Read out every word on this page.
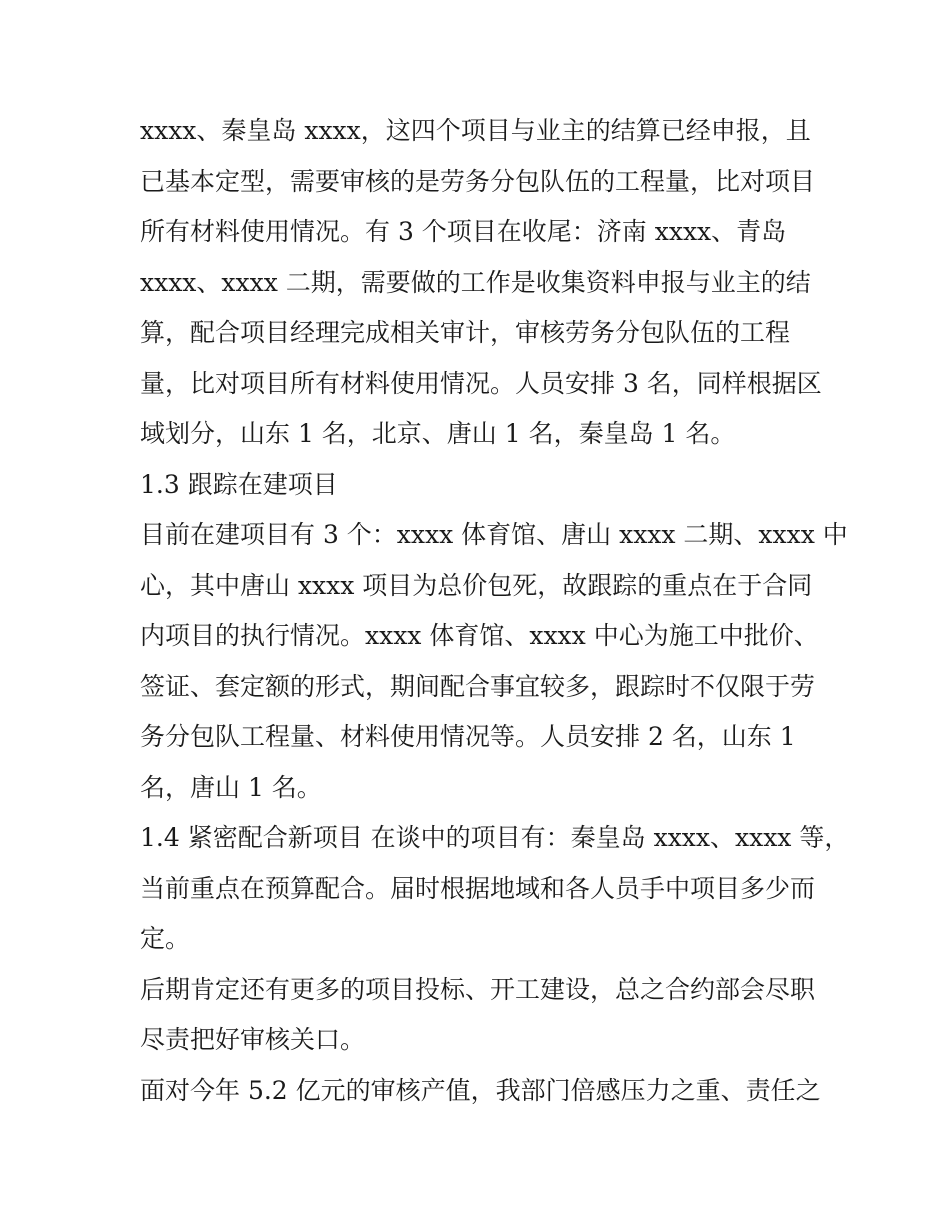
xxxx、秦皇岛 xxxx，这四个项目与业主的结算已经申报，且
已基本定型，需要审核的是劳务分包队伍的工程量，比对项目
所有材料使用情况。有 3 个项目在收尾：济南 xxxx、青岛
xxxx、xxxx 二期，需要做的工作是收集资料申报与业主的结
算，配合项目经理完成相关审计，审核劳务分包队伍的工程
量，比对项目所有材料使用情况。人员安排 3 名，同样根据区
域划分，山东 1 名，北京、唐山 1 名，秦皇岛 1 名。

1.3 跟踪在建项目

目前在建项目有 3 个：xxxx 体育馆、唐山 xxxx 二期、xxxx 中
心，其中唐山 xxxx 项目为总价包死，故跟踪的重点在于合同
内项目的执行情况。xxxx 体育馆、xxxx 中心为施工中批价、
签证、套定额的形式，期间配合事宜较多，跟踪时不仅限于劳
务分包队工程量、材料使用情况等。人员安排 2 名，山东 1
名，唐山 1 名。

1.4 紧密配合新项目 在谈中的项目有：秦皇岛 xxxx、xxxx 等，
当前重点在预算配合。届时根据地域和各人员手中项目多少而
定。

后期肯定还有更多的项目投标、开工建设，总之合约部会尽职
尽责把好审核关口。

面对今年 5.2 亿元的审核产值，我部门倍感压力之重、责任之
